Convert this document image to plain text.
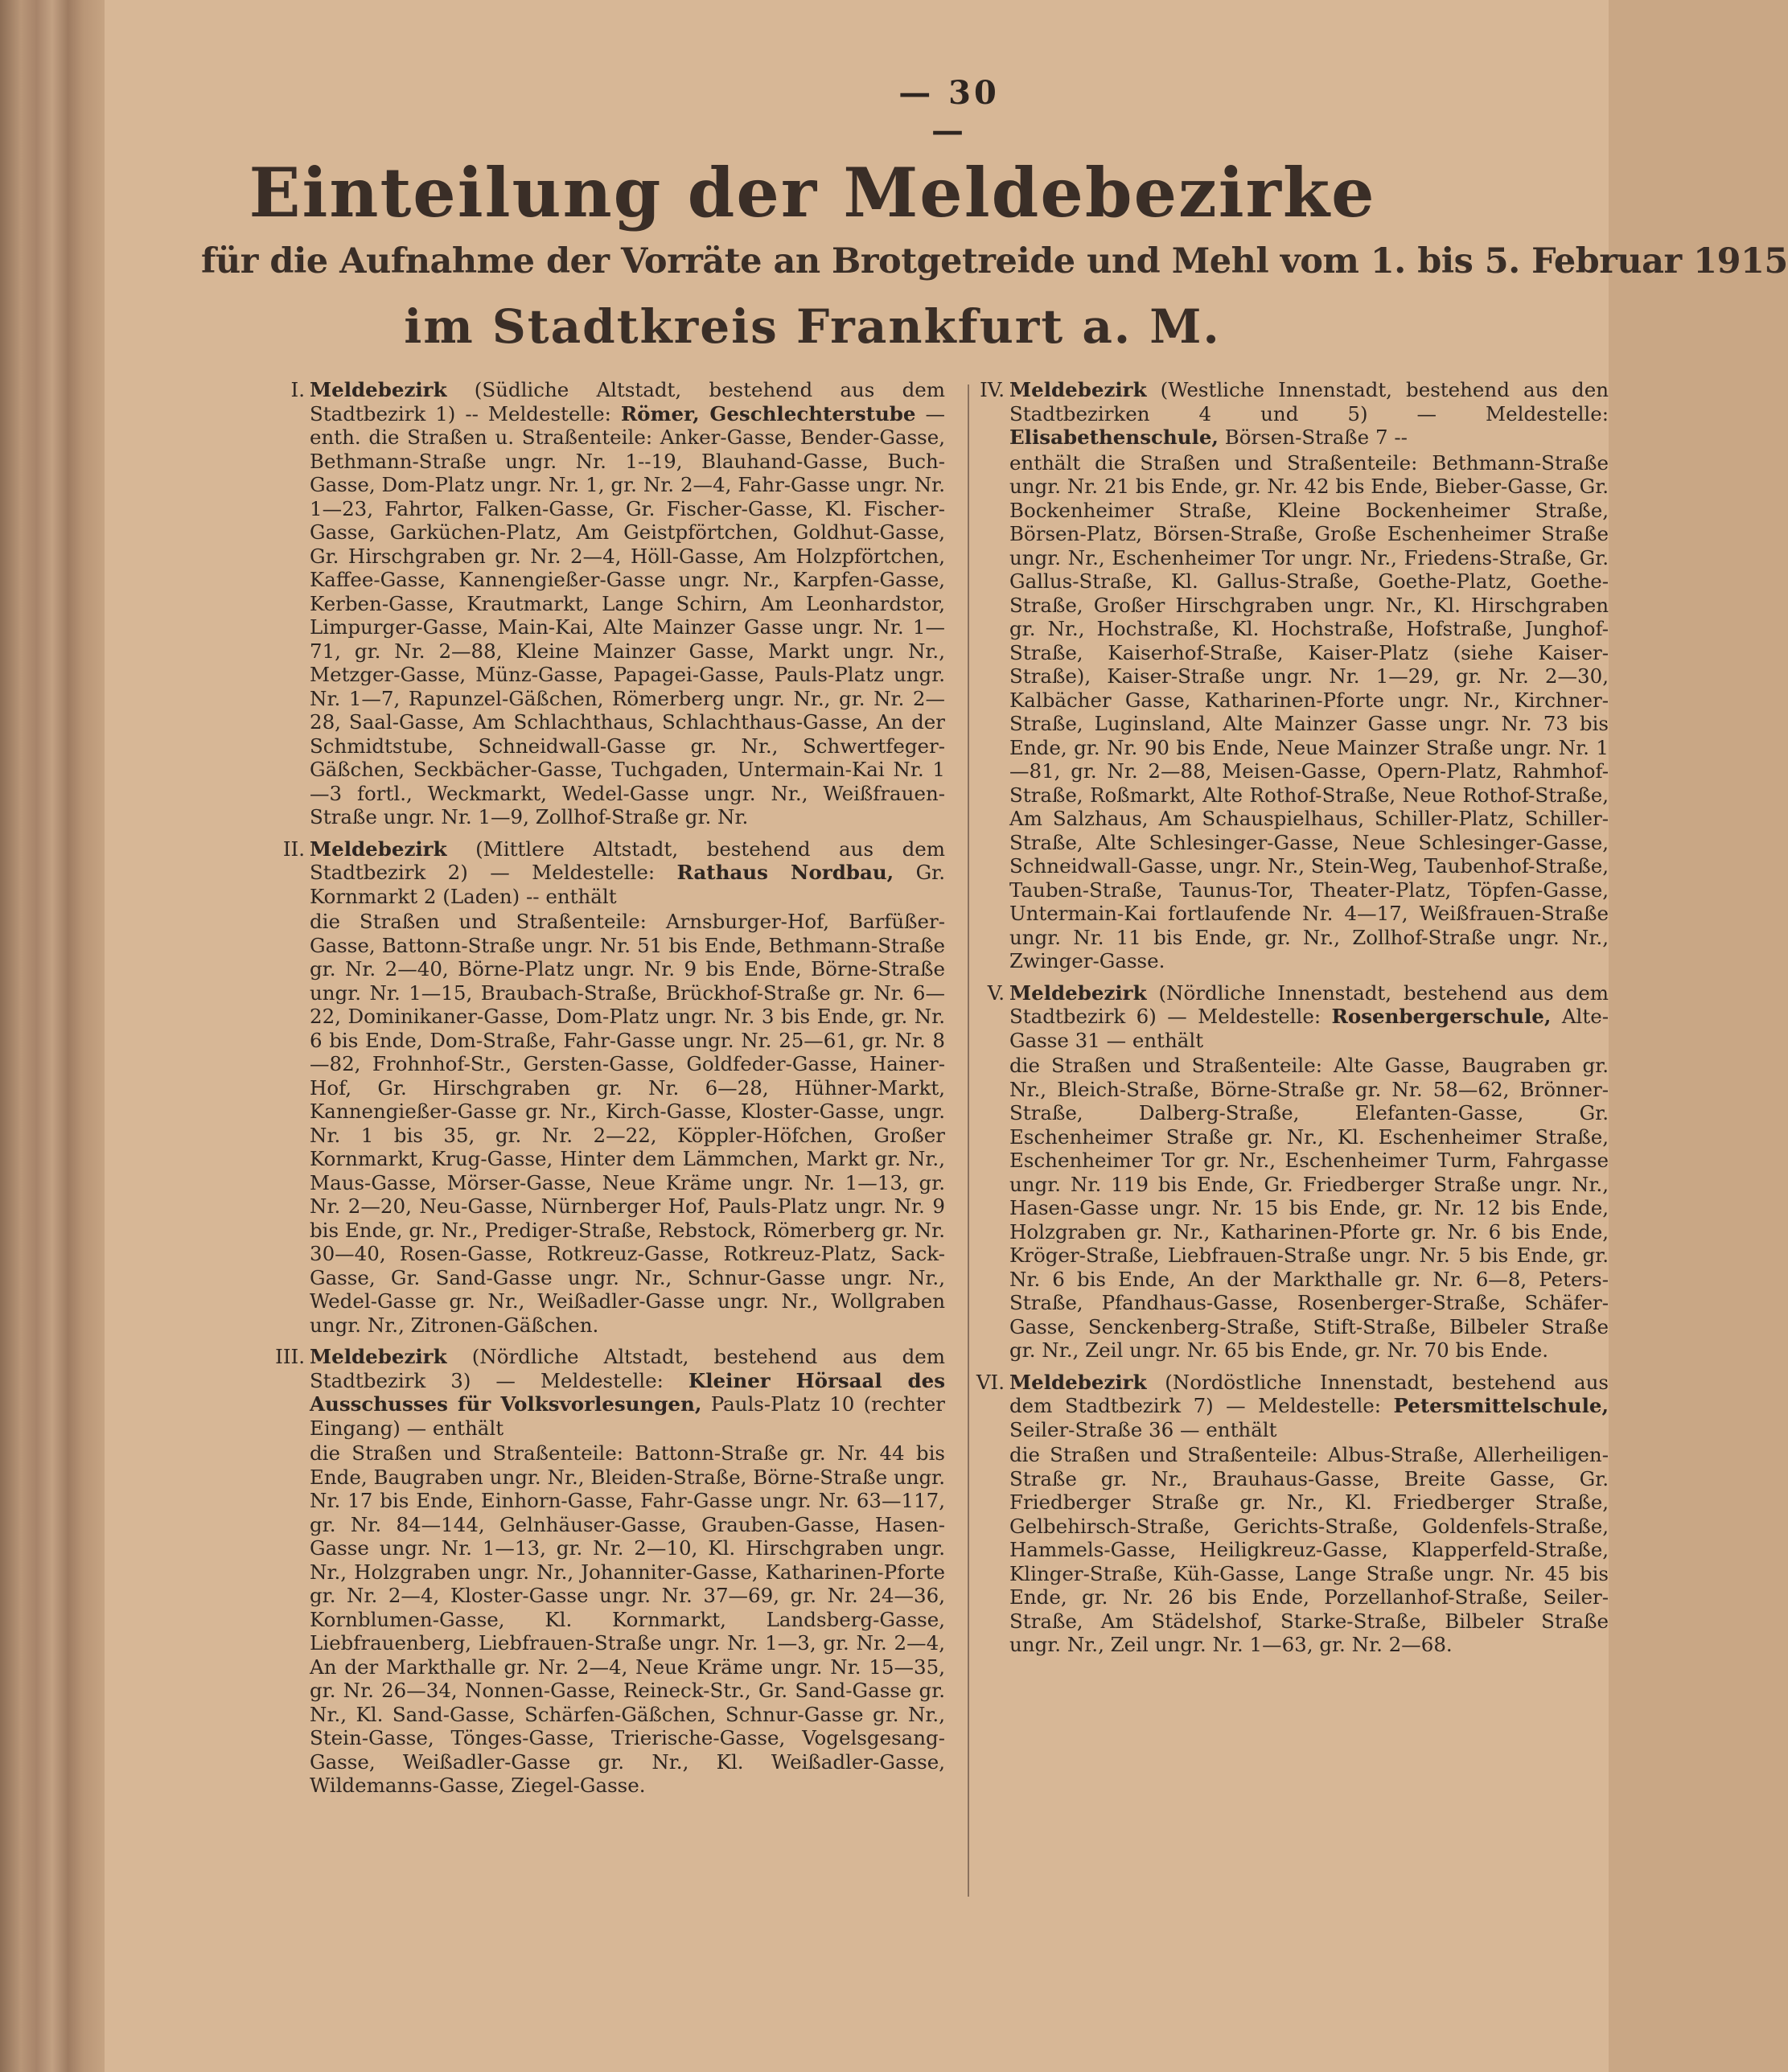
— 30 —
Einteilung der Meldebezirke
für die Aufnahme der Vorräte an Brotgetreide und Mehl vom 1. bis 5. Februar 1915
im Stadtkreis Frankfurt a. M.
I. Meldebezirk (Südliche Altstadt, bestehend aus dem Stadtbezirk 1) -- Meldestelle: Römer, Geschlechterstube — enth. die Straßen u. Straßenteile: Anker-Gasse, Bender-Gasse, Bethmann-Straße ungr. Nr. 1--19, Blauhand-Gasse, Buch-Gasse, Dom-Platz ungr. Nr. 1, gr. Nr. 2—4, Fahr-Gasse ungr. Nr. 1—23, Fahrtor, Falken-Gasse, Gr. Fischer-Gasse, Kl. Fischer-Gasse, Garküchen-Platz, Am Geistpförtchen, Goldhut-Gasse, Gr. Hirschgraben gr. Nr. 2—4, Höll-Gasse, Am Holzpförtchen, Kaffee-Gasse, Kannengießer-Gasse ungr. Nr., Karpfen-Gasse, Kerben-Gasse, Krautmarkt, Lange Schirn, Am Leonhardstor, Limpurger-Gasse, Main-Kai, Alte Mainzer Gasse ungr. Nr. 1—71, gr. Nr. 2—88, Kleine Mainzer Gasse, Markt ungr. Nr., Metzger-Gasse, Münz-Gasse, Papagei-Gasse, Pauls-Platz ungr. Nr. 1—7, Rapunzel-Gäßchen, Römerberg ungr. Nr., gr. Nr. 2—28, Saal-Gasse, Am Schlachthaus, Schlachthaus-Gasse, An der Schmidtstube, Schneidwall-Gasse gr. Nr., Schwertfeger-Gäßchen, Seckbächer-Gasse, Tuchgaden, Untermain-Kai Nr. 1—3 fortl., Weckmarkt, Wedel-Gasse ungr. Nr., Weißfrauen-Straße ungr. Nr. 1—9, Zollhof-Straße gr. Nr.
II. Meldebezirk (Mittlere Altstadt, bestehend aus dem Stadtbezirk 2) — Meldestelle: Rathaus Nordbau, Gr. Kornmarkt 2 (Laden) -- enthält
die Straßen und Straßenteile: Arnsburger-Hof, Barfüßer-Gasse, Battonn-Straße ungr. Nr. 51 bis Ende, Bethmann-Straße gr. Nr. 2—40, Börne-Platz ungr. Nr. 9 bis Ende, Börne-Straße ungr. Nr. 1—15, Braubach-Straße, Brückhof-Straße gr. Nr. 6—22, Dominikaner-Gasse, Dom-Platz ungr. Nr. 3 bis Ende, gr. Nr. 6 bis Ende, Dom-Straße, Fahr-Gasse ungr. Nr. 25—61, gr. Nr. 8—82, Frohnhof-Str., Gersten-Gasse, Goldfeder-Gasse, Hainer-Hof, Gr. Hirschgraben gr. Nr. 6—28, Hühner-Markt, Kannengießer-Gasse gr. Nr., Kirch-Gasse, Kloster-Gasse, ungr. Nr. 1 bis 35, gr. Nr. 2—22, Köppler-Höfchen, Großer Kornmarkt, Krug-Gasse, Hinter dem Lämmchen, Markt gr. Nr., Maus-Gasse, Mörser-Gasse, Neue Kräme ungr. Nr. 1—13, gr. Nr. 2—20, Neu-Gasse, Nürnberger Hof, Pauls-Platz ungr. Nr. 9 bis Ende, gr. Nr., Prediger-Straße, Rebstock, Römerberg gr. Nr. 30—40, Rosen-Gasse, Rotkreuz-Gasse, Rotkreuz-Platz, Sack-Gasse, Gr. Sand-Gasse ungr. Nr., Schnur-Gasse ungr. Nr., Wedel-Gasse gr. Nr., Weißadler-Gasse ungr. Nr., Wollgraben ungr. Nr., Zitronen-Gäßchen.
III. Meldebezirk (Nördliche Altstadt, bestehend aus dem Stadtbezirk 3) — Meldestelle: Kleiner Hörsaal des Ausschusses für Volksvorlesungen, Pauls-Platz 10 (rechter Eingang) — enthält
die Straßen und Straßenteile: Battonn-Straße gr. Nr. 44 bis Ende, Baugraben ungr. Nr., Bleiden-Straße, Börne-Straße ungr. Nr. 17 bis Ende, Einhorn-Gasse, Fahr-Gasse ungr. Nr. 63—117, gr. Nr. 84—144, Gelnhäuser-Gasse, Grauben-Gasse, Hasen-Gasse ungr. Nr. 1—13, gr. Nr. 2—10, Kl. Hirschgraben ungr. Nr., Holzgraben ungr. Nr., Johanniter-Gasse, Katharinen-Pforte gr. Nr. 2—4, Kloster-Gasse ungr. Nr. 37—69, gr. Nr. 24—36, Kornblumen-Gasse, Kl. Kornmarkt, Landsberg-Gasse, Liebfrauenberg, Liebfrauen-Straße ungr. Nr. 1—3, gr. Nr. 2—4, An der Markthalle gr. Nr. 2—4, Neue Kräme ungr. Nr. 15—35, gr. Nr. 26—34, Nonnen-Gasse, Reineck-Str., Gr. Sand-Gasse gr. Nr., Kl. Sand-Gasse, Schärfen-Gäßchen, Schnur-Gasse gr. Nr., Stein-Gasse, Tönges-Gasse, Trierische-Gasse, Vogelsgesang-Gasse, Weißadler-Gasse gr. Nr., Kl. Weißadler-Gasse, Wildemanns-Gasse, Ziegel-Gasse.
IV. Meldebezirk (Westliche Innenstadt, bestehend aus den Stadtbezirken 4 und 5) — Meldestelle: Elisabethenschule, Börsen-Straße 7 --
enthält die Straßen und Straßenteile: Bethmann-Straße ungr. Nr. 21 bis Ende, gr. Nr. 42 bis Ende, Bieber-Gasse, Gr. Bockenheimer Straße, Kleine Bockenheimer Straße, Börsen-Platz, Börsen-Straße, Große Eschenheimer Straße ungr. Nr., Eschenheimer Tor ungr. Nr., Friedens-Straße, Gr. Gallus-Straße, Kl. Gallus-Straße, Goethe-Platz, Goethe-Straße, Großer Hirschgraben ungr. Nr., Kl. Hirschgraben gr. Nr., Hochstraße, Kl. Hochstraße, Hofstraße, Junghof-Straße, Kaiserhof-Straße, Kaiser-Platz (siehe Kaiser-Straße), Kaiser-Straße ungr. Nr. 1—29, gr. Nr. 2—30, Kalbächer Gasse, Katharinen-Pforte ungr. Nr., Kirchner-Straße, Luginsland, Alte Mainzer Gasse ungr. Nr. 73 bis Ende, gr. Nr. 90 bis Ende, Neue Mainzer Straße ungr. Nr. 1—81, gr. Nr. 2—88, Meisen-Gasse, Opern-Platz, Rahmhof-Straße, Roßmarkt, Alte Rothof-Straße, Neue Rothof-Straße, Am Salzhaus, Am Schauspielhaus, Schiller-Platz, Schiller-Straße, Alte Schlesinger-Gasse, Neue Schlesinger-Gasse, Schneidwall-Gasse, ungr. Nr., Stein-Weg, Taubenhof-Straße, Tauben-Straße, Taunus-Tor, Theater-Platz, Töpfen-Gasse, Untermain-Kai fortlaufende Nr. 4—17, Weißfrauen-Straße ungr. Nr. 11 bis Ende, gr. Nr., Zollhof-Straße ungr. Nr., Zwinger-Gasse.
V. Meldebezirk (Nördliche Innenstadt, bestehend aus dem Stadtbezirk 6) — Meldestelle: Rosenbergerschule, Alte-Gasse 31 — enthält
die Straßen und Straßenteile: Alte Gasse, Baugraben gr. Nr., Bleich-Straße, Börne-Straße gr. Nr. 58—62, Brönner-Straße, Dalberg-Straße, Elefanten-Gasse, Gr. Eschenheimer Straße gr. Nr., Kl. Eschenheimer Straße, Eschenheimer Tor gr. Nr., Eschenheimer Turm, Fahrgasse ungr. Nr. 119 bis Ende, Gr. Friedberger Straße ungr. Nr., Hasen-Gasse ungr. Nr. 15 bis Ende, gr. Nr. 12 bis Ende, Holzgraben gr. Nr., Katharinen-Pforte gr. Nr. 6 bis Ende, Kröger-Straße, Liebfrauen-Straße ungr. Nr. 5 bis Ende, gr. Nr. 6 bis Ende, An der Markthalle gr. Nr. 6—8, Peters-Straße, Pfandhaus-Gasse, Rosenberger-Straße, Schäfer-Gasse, Senckenberg-Straße, Stift-Straße, Bilbeler Straße gr. Nr., Zeil ungr. Nr. 65 bis Ende, gr. Nr. 70 bis Ende.
VI. Meldebezirk (Nordöstliche Innenstadt, bestehend aus dem Stadtbezirk 7) — Meldestelle: Petersmittelschule, Seiler-Straße 36 — enthält
die Straßen und Straßenteile: Albus-Straße, Allerheiligen-Straße gr. Nr., Brauhaus-Gasse, Breite Gasse, Gr. Friedberger Straße gr. Nr., Kl. Friedberger Straße, Gelbehirsch-Straße, Gerichts-Straße, Goldenfels-Straße, Hammels-Gasse, Heiligkreuz-Gasse, Klapperfeld-Straße, Klinger-Straße, Küh-Gasse, Lange Straße ungr. Nr. 45 bis Ende, gr. Nr. 26 bis Ende, Porzellanhof-Straße, Seiler-Straße, Am Städelshof, Starke-Straße, Bilbeler Straße ungr. Nr., Zeil ungr. Nr. 1—63, gr. Nr. 2—68.
